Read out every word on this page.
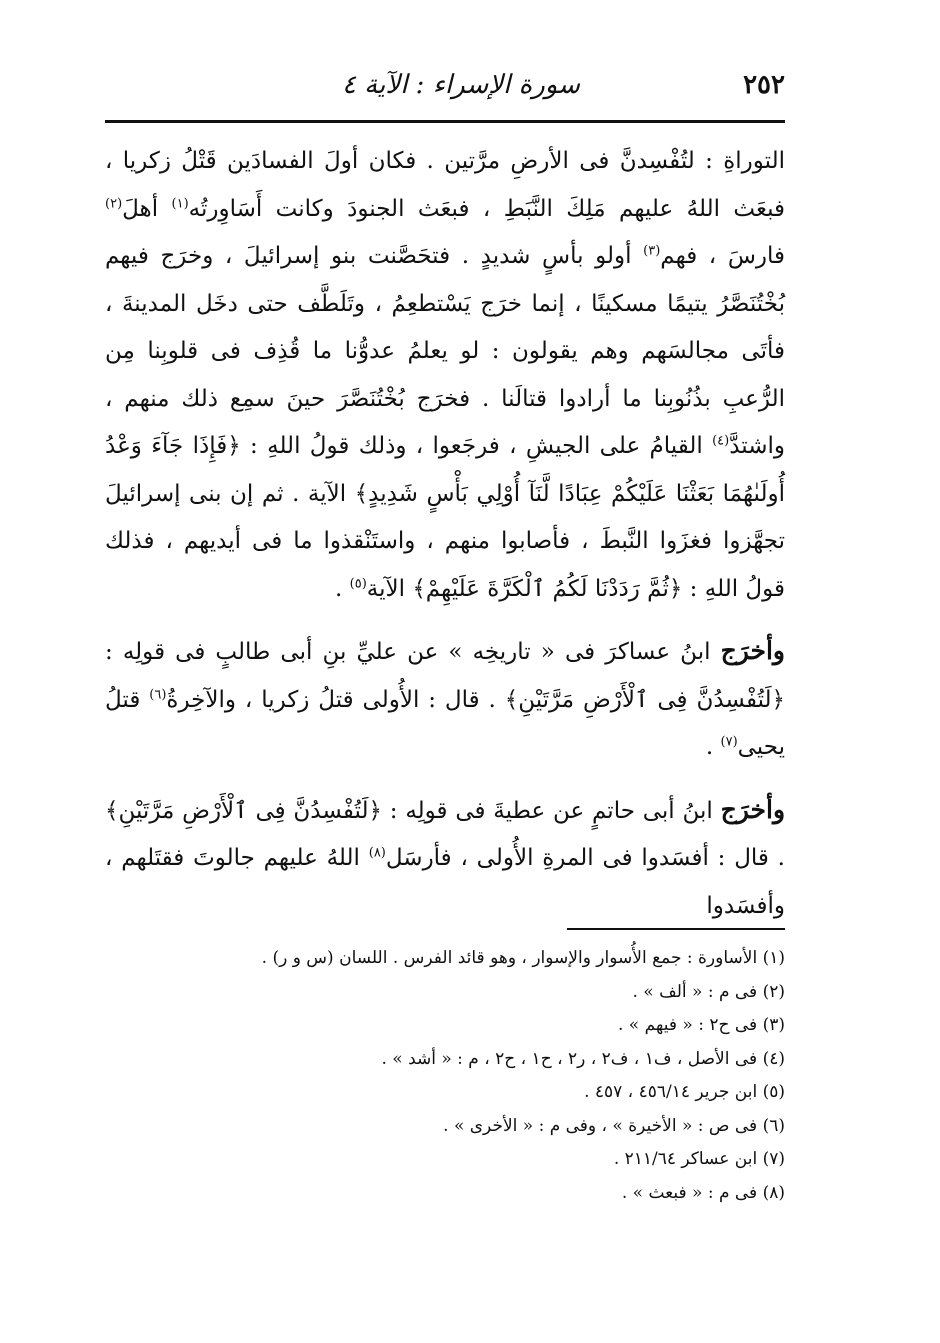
٢٥٢
سورة الإسراء : الآية ٤

التوراةِ : لتُفْسِدنَّ فى الأرضِ مرَّتين . فكان أولَ الفسادَين قَتْلُ زكريا ، فبعَث اللهُ عليهم مَلِكَ النَّبَطِ ، فبعَث الجنودَ وكانت أَسَاوِرتُه$^{(١)}$ أهلَ$^{(٢)}$ فارسَ ، فهم$^{(٣)}$ أولو بأسٍ شديدٍ . فتحَصَّنت بنو إسرائيلَ ، وخرَج فيهم بُخْتُنَصَّرُ يتيمًا مسكينًا ، إنما خرَج يَسْتطعِمُ ، وتَلَطَّف حتى دخَل المدينةَ ، فأتَى مجالسَهم وهم يقولون : لو يعلمُ عدوُّنا ما قُذِف فى قلوبِنا مِن الرُّعبِ بذُنُوبِنا ما أرادوا قتالَنا . فخرَج بُخْتُنَصَّرَ حينَ سمِع ذلك منهم ، واشتدَّ$^{(٤)}$ القيامُ على الجيشِ ، فرجَعوا ، وذلك قولُ اللهِ : ﴿فَإِذَا جَآءَ وَعْدُ أُولَىٰهُمَا بَعَثْنَا عَلَيْكُمْ عِبَادًا لَّنَآ أُوْلِي بَأْسٍ شَدِيدٍ﴾ الآية . ثم إن بنى إسرائيلَ تجهَّزوا فغزَوا النَّبطَ ، فأصابوا منهم ، واستَنْقذوا ما فى أيديهم ، فذلك قولُ اللهِ : ﴿ثُمَّ رَدَدْنَا لَكُمُ ٱلْكَرَّةَ عَلَيْهِمْ﴾ الآية$^{(٥)}$ .

وأخرَج ابنُ عساكرَ فى « تاريخِه » عن عليِّ بنِ أبى طالبٍ فى قولِه : ﴿لَتُفْسِدُنَّ فِى ٱلْأَرْضِ مَرَّتَيْنِ﴾ . قال : الأُولى قتلُ زكريا ، والآخِرةُ$^{(٦)}$ قتلُ يحيى$^{(٧)}$ .

وأخرَج ابنُ أبى حاتمٍ عن عطيةَ فى قولِه : ﴿لَتُفْسِدُنَّ فِى ٱلْأَرْضِ مَرَّتَيْنِ﴾ . قال : أفسَدوا فى المرةِ الأُولى ، فأرسَل$^{(٨)}$ اللهُ عليهم جالوتَ فقتَلهم ، وأفسَدوا

(١) الأساورة : جمع الأُسوار والإسوار ، وهو قائد الفرس . اللسان (س و ر) .

(٢) فى م : « ألف » .

(٣) فى ح٢ : « فيهم » .

(٤) فى الأصل ، ف١ ، ف٢ ، ر٢ ، ح١ ، ح٢ ، م : « أشد » .

(٥) ابن جرير ٤٥٦/١٤ ، ٤٥٧ .

(٦) فى ص : « الأخيرة » ، وفى م : « الأخرى » .

(٧) ابن عساكر ٢١١/٦٤ .

(٨) فى م : « فبعث » .
